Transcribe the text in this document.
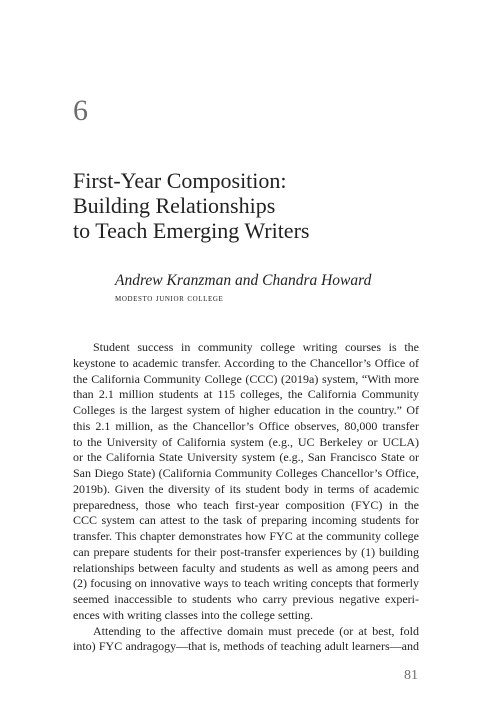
6
First-Year Composition:
Building Relationships
to Teach Emerging Writers
Andrew Kranzman and Chandra Howard
modesto junior college

Student success in community college writing courses is the
keystone to academic transfer. According to the Chancellor’s Office of
the California Community College (CCC) (2019a) system, “With more
than 2.1 million students at 115 colleges, the California Community
Colleges is the largest system of higher education in the country.” Of
this 2.1 million, as the Chancellor’s Office observes, 80,000 transfer
to the University of California system (e.g., UC Berkeley or UCLA)
or the California State University system (e.g., San Francisco State or
San Diego State) (California Community Colleges Chancellor’s Office,
2019b). Given the diversity of its student body in terms of academic
preparedness, those who teach first-year composition (FYC) in the
CCC system can attest to the task of preparing incoming students for
transfer. This chapter demonstrates how FYC at the community college
can prepare students for their post-transfer experiences by (1) building
relationships between faculty and students as well as among peers and
(2) focusing on innovative ways to teach writing concepts that formerly
seemed inaccessible to students who carry previous negative experi-
ences with writing classes into the college setting.

Attending to the affective domain must precede (or at best, fold
into) FYC andragogy—that is, methods of teaching adult learners—and

81
